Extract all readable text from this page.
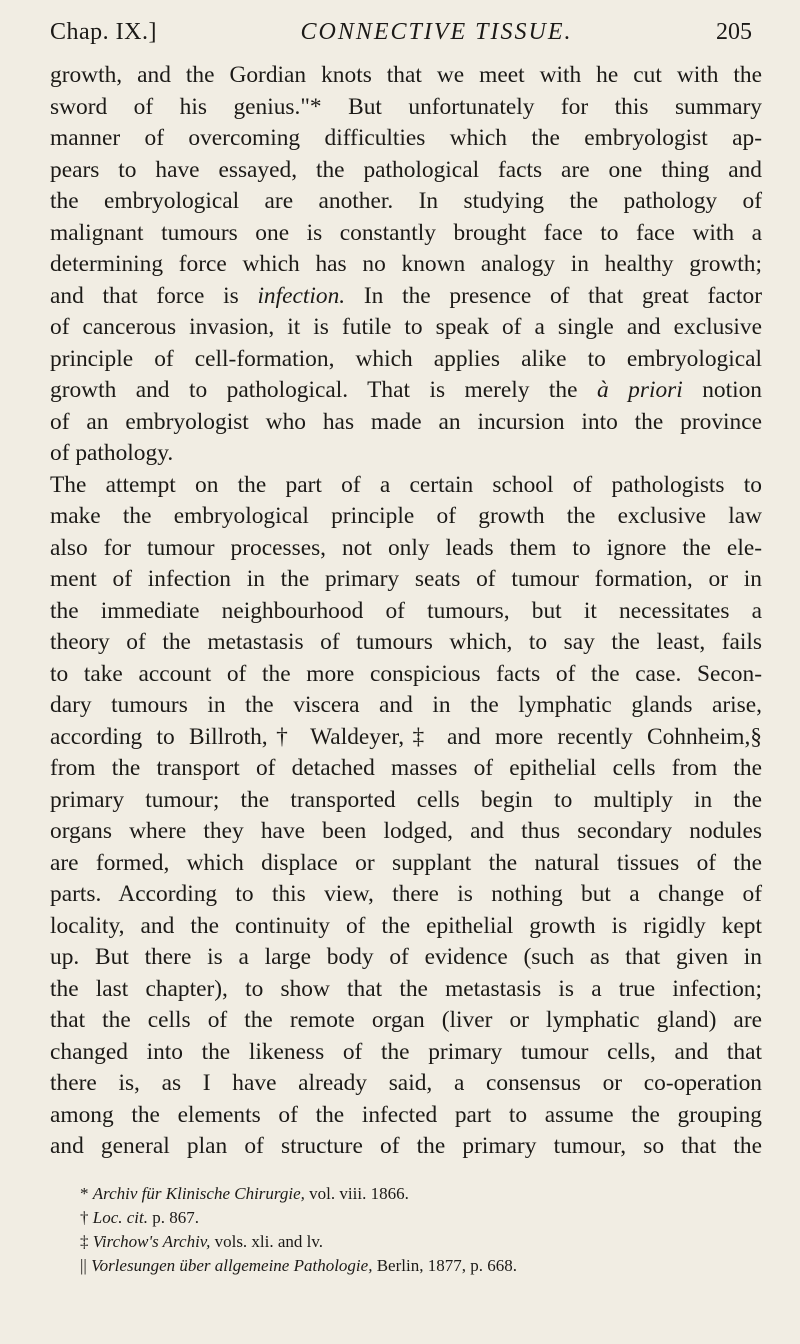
Chap. IX.]	CONNECTIVE TISSUE.	205
growth, and the Gordian knots that we meet with he cut with the
sword of his genius."* But unfortunately for this summary
manner of overcoming difficulties which the embryologist ap-
pears to have essayed, the pathological facts are one thing and
the embryological are another. In studying the pathology of
malignant tumours one is constantly brought face to face with a
determining force which has no known analogy in healthy growth;
and that force is infection. In the presence of that great factor
of cancerous invasion, it is futile to speak of a single and exclusive
principle of cell-formation, which applies alike to embryological
growth and to pathological. That is merely the à priori notion
of an embryologist who has made an incursion into the province
of pathology.
The attempt on the part of a certain school of pathologists to
make the embryological principle of growth the exclusive law
also for tumour processes, not only leads them to ignore the ele-
ment of infection in the primary seats of tumour formation, or in
the immediate neighbourhood of tumours, but it necessitates a
theory of the metastasis of tumours which, to say the least, fails
to take account of the more conspicious facts of the case. Secon-
dary tumours in the viscera and in the lymphatic glands arise,
according to Billroth,† Waldeyer,‡ and more recently Cohnheim,§
from the transport of detached masses of epithelial cells from the
primary tumour; the transported cells begin to multiply in the
organs where they have been lodged, and thus secondary nodules
are formed, which displace or supplant the natural tissues of the
parts. According to this view, there is nothing but a change of
locality, and the continuity of the epithelial growth is rigidly kept
up. But there is a large body of evidence (such as that given in
the last chapter), to show that the metastasis is a true infection;
that the cells of the remote organ (liver or lymphatic gland) are
changed into the likeness of the primary tumour cells, and that
there is, as I have already said, a consensus or co-operation
among the elements of the infected part to assume the grouping
and general plan of structure of the primary tumour, so that the
* Archiv für Klinische Chirurgie, vol. viii. 1866.
† Loc. cit. p. 867.
‡ Virchow's Archiv, vols. xli. and lv.
|| Vorlesungen über allgemeine Pathologie, Berlin, 1877, p. 668.
